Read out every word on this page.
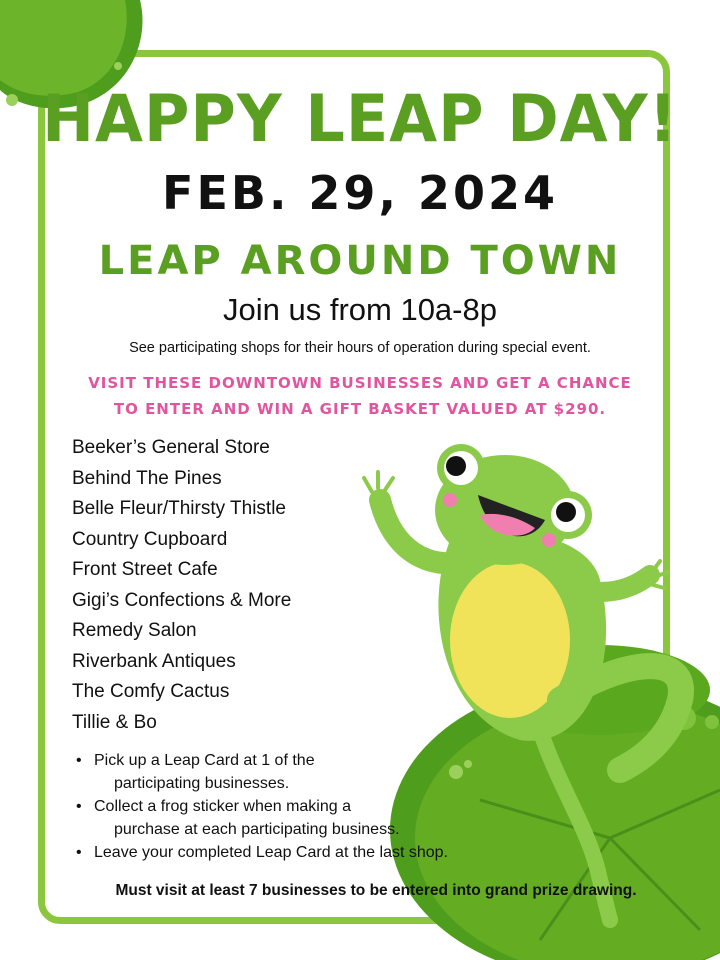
HAPPY LEAP DAY!
FEB. 29, 2024
LEAP AROUND TOWN
Join us from 10a-8p
See participating shops for their hours of operation during special event.
VISIT THESE DOWNTOWN BUSINESSES AND GET A CHANCE
TO ENTER AND WIN A GIFT BASKET VALUED AT $290.
Beeker’s General Store
Behind The Pines
Belle Fleur/Thirsty Thistle
Country Cupboard
Front Street Cafe
Gigi’s Confections & More
Remedy Salon
Riverbank Antiques
The Comfy Cactus
Tillie & Bo
• Pick up a Leap Card at 1 of the
participating businesses.
• Collect a frog sticker when making a
purchase at each participating business.
• Leave your completed Leap Card at the last shop.
Must visit at least 7 businesses to be entered into grand prize drawing.
